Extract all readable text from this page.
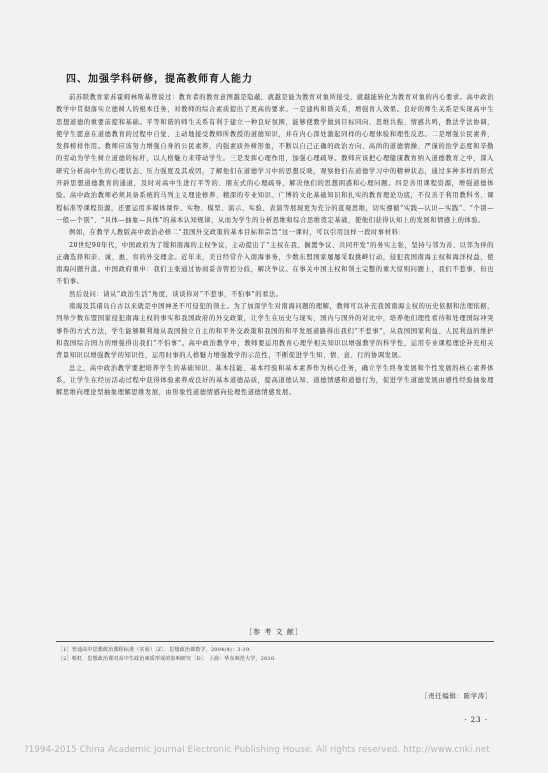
四、加强学科研修，提高教师育人能力

前苏联教育家苏霍姆林斯基曾说过：教育者的教育意图越是隐蔽，就越是能为教育对象所接受，就越能转化为教育对象的内心要求。高中政治教学中贯彻落实立德树人的根本任务，对教师的综合素质提出了更高的要求。一是建构和谐关系，增强育人效果。良好的师生关系是实现高中生思想道德的重要前提和基础。平等和谐的师生关系有利于建立一种良好氛围，能够使教学做到目标同向、思维共振、情感共鸣，教法学法协调，使学生愿意在道德教育的过程中自觉、主动地接受教师所教授的道德知识，并在内心深处激起同样的心理体验和理性反思。二是增强公民素养，发挥榜样作用。教师应该努力增强自身的公民素养，内强素质外树形象，不断以自己正确的政治方向、高尚的道德情操、严谨的治学态度和辛勤的劳动为学生树立道德的标杆，以人格魅力来带动学生。三是发挥心理作用，加强心理疏导。教师应该把心理健康教育纳入道德教育之中，深入研究分析高中生的心理状态、压力强度及其成因，了解他们在道德学习中的思想反映，观察他们在道德学习中的精神状态，通过多种多样的形式开辟思想道德教育的通道，及时对高中生进行平等的、朋友式的心理疏导，解决他们的思想困惑和心理问题。四是善用课程资源，增强道德体验。高中政治教师必须具备系统的马列主义理论修养、精深的专业知识、广博的文化基础知识和扎实的教育理论功底，不仅善于利用教科书、课程标准等课程资源，还要运用多媒体课件、实物、模型、演示、实验、表演等展现更为充分的直观思维，切实遵循“实践—认识—实践”、“个别—一般—个别”、“具体—抽象—具体”的基本认知规律，从而为学生的分析思维和综合思维奠定基础，使他们获得认知上的发展和情感上的体验。

例如，在教学人教版高中政治必修二“我国外交政策的基本目标和宗旨”这一课时，可以引用这样一段时事材料：

20世纪90年代，中国政府为了缓和南海的主权争议，主动提出了“主权在我、搁置争议、共同开发”的务实主张，坚持与邻为善、以邻为伴的正确选择和亲、诚、惠、容的外交理念。近年来，美日经常介入南海事务，少数东盟国家屡屡采取挑衅行动，侵犯我国南海主权和海洋权益，使南海问题升温。中国政府重申：我们主张通过协商妥善管控分歧，解决争议。在事关中国主权和领土完整的重大原则问题上，我们不惹事，但也不怕事。

然后设问：请从“政治生活”角度，谈谈你对“不惹事，不怕事”的看法。

南海及其诸岛自古以来就是中国神圣不可侵犯的领土。为了加深学生对南海问题的理解，教师可以补充我国南海主权的历史依据和法理依据，列举少数东盟国家侵犯南海主权的事实和我国政府的外交政策，让学生在历史与现实、国内与国外的对比中，培养他们理性看待和处理国际冲突事件的方式方法，学生能够顺利地从我国独立自主的和平外交政策和我国的和平发展道路得出我们“不惹事”，从我国国家利益、人民利益的维护和我国综合国力的增强得出我们“不怕事”。高中政治教学中，教师要运用教育心理学相关知识以增强教学的科学性，运用专业课程理论补充相关背景知识以增强教学的知识性，运用时事的人格魅力增强教学的示范性，不断促进学生知、情、意、行的协调发展。

总之，高中政治教学要把培养学生的基础知识、基本技能、基本经验和基本素养作为核心任务，确立学生终身发展和个性发展的核心素养体系，让学生在经历活动过程中获得体验素养成良好的基本道德品质，提高道德认知、道德情感和道德行为，促进学生道德发展由感性经验抽象理解思维向理论型抽象理解思维发展，由形象性道德情感向伦理性道德情感发展。

［参 考 文 献］
［1］普通高中思想政治课程标准（实验）［Z］．思想政治课教学，2004(4)：3-19.
［2］蔡虹．思想政治课对高中生政治素质形成的影响研究［D］．上海：华东师范大学，2010.
［责任编辑：陈学涛］
· 23 ·
?1994-2015 China Academic Journal Electronic Publishing House. All rights reserved. http://www.cnki.net
